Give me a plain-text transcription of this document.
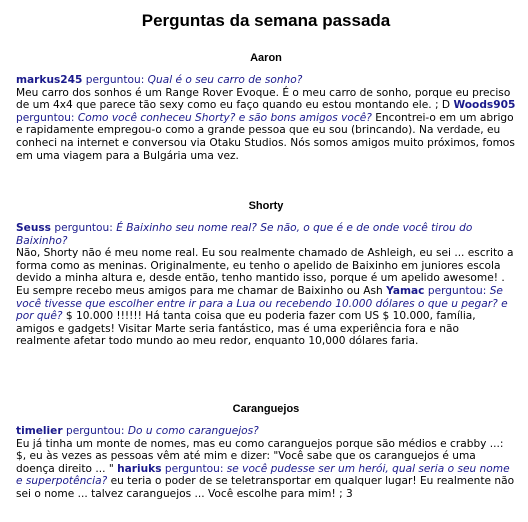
Perguntas da semana passada
Aaron

markus245 perguntou: Qual é o seu carro de sonho?
Meu carro dos sonhos é um Range Rover Evoque. É o meu carro de sonho, porque eu preciso de um 4x4 que parece tão sexy como eu faço quando eu estou montando ele. ; D Woods905 perguntou: Como você conheceu Shorty? e são bons amigos você? Encontrei-o em um abrigo e rapidamente empregou-o como a grande pessoa que eu sou (brincando). Na verdade, eu conheci na internet e conversou via Otaku Studios. Nós somos amigos muito próximos, fomos em uma viagem para a Bulgária uma vez.

Shorty

Seuss perguntou: É Baixinho seu nome real? Se não, o que é e de onde você tirou do Baixinho?
Não, Shorty não é meu nome real. Eu sou realmente chamado de Ashleigh, eu sei ... escrito a forma como as meninas. Originalmente, eu tenho o apelido de Baixinho em juniores escola devido a minha altura e, desde então, tenho mantido isso, porque é um apelido awesome! . Eu sempre recebo meus amigos para me chamar de Baixinho ou Ash Yamac perguntou: Se você tivesse que escolher entre ir para a Lua ou recebendo 10.000 dólares o que u pegar? e por quê? $ 10.000 !!!!!! Há tanta coisa que eu poderia fazer com US $ 10.000, família, amigos e gadgets! Visitar Marte seria fantástico, mas é uma experiência fora e não realmente afetar todo mundo ao meu redor, enquanto 10,000 dólares faria.

Caranguejos

timelier perguntou: Do u como caranguejos?
Eu já tinha um monte de nomes, mas eu como caranguejos porque são médios e crabby ...: $, eu às vezes as pessoas vêm até mim e dizer: "Você sabe que os caranguejos é uma doença direito ... " hariuks perguntou: se você pudesse ser um herói, qual seria o seu nome e superpotência? eu teria o poder de se teletransportar em qualquer lugar! Eu realmente não sei o nome ... talvez caranguejos ... Você escolhe para mim! ; 3
